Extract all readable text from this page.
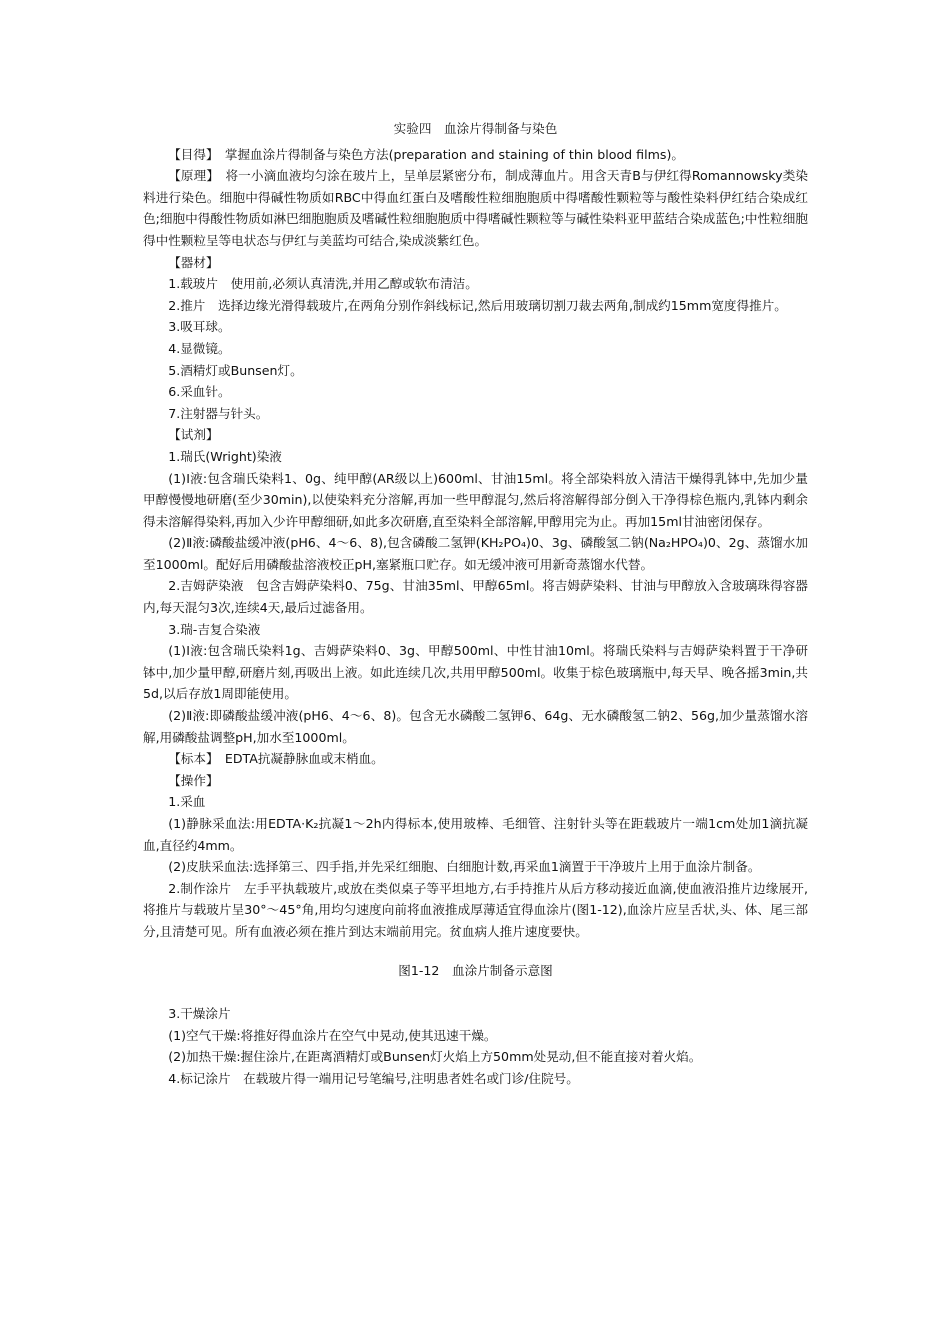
实验四　血涂片得制备与染色
【目得】　掌握血涂片得制备与染色方法(preparation and staining of thin blood films)。
【原理】　将一小滴血液均匀涂在玻片上，呈单层紧密分布，制成薄血片。用含天青B与伊红得Romannowsky类染料进行染色。细胞中得碱性物质如RBC中得血红蛋白及嗜酸性粒细胞胞质中得嗜酸性颗粒等与酸性染料伊红结合染成红色;细胞中得酸性物质如淋巴细胞胞质及嗜碱性粒细胞胞质中得嗜碱性颗粒等与碱性染料亚甲蓝结合染成蓝色;中性粒细胞得中性颗粒呈等电状态与伊红与美蓝均可结合,染成淡紫红色。
【器材】
1.载玻片　使用前,必须认真清洗,并用乙醇或软布清洁。
2.推片　选择边缘光滑得载玻片,在两角分别作斜线标记,然后用玻璃切割刀裁去两角,制成约15mm宽度得推片。
3.吸耳球。
4.显微镜。
5.酒精灯或Bunsen灯。
6.采血针。
7.注射器与针头。
【试剂】
1.瑞氏(Wright)染液
(1)Ⅰ液:包含瑞氏染料1、0g、纯甲醇(AR级以上)600ml、甘油15ml。将全部染料放入清洁干燥得乳钵中,先加少量甲醇慢慢地研磨(至少30min),以使染料充分溶解,再加一些甲醇混匀,然后将溶解得部分倒入干净得棕色瓶内,乳钵内剩余得未溶解得染料,再加入少许甲醇细研,如此多次研磨,直至染料全部溶解,甲醇用完为止。再加15ml甘油密闭保存。
(2)Ⅱ液:磷酸盐缓冲液(pH6、4～6、8),包含磷酸二氢钾(KH₂PO₄)0、3g、磷酸氢二钠(Na₂HPO₄)0、2g、蒸馏水加至1000ml。配好后用磷酸盐溶液校正pH,塞紧瓶口贮存。如无缓冲液可用新奇蒸馏水代替。
2.吉姆萨染液　包含吉姆萨染料0、75g、甘油35ml、甲醇65ml。将吉姆萨染料、甘油与甲醇放入含玻璃珠得容器内,每天混匀3次,连续4天,最后过滤备用。
3.瑞-吉复合染液
(1)Ⅰ液:包含瑞氏染料1g、吉姆萨染料0、3g、甲醇500ml、中性甘油10ml。将瑞氏染料与吉姆萨染料置于干净研钵中,加少量甲醇,研磨片刻,再吸出上液。如此连续几次,共用甲醇500ml。收集于棕色玻璃瓶中,每天早、晚各摇3min,共5d,以后存放1周即能使用。
(2)Ⅱ液:即磷酸盐缓冲液(pH6、4～6、8)。包含无水磷酸二氢钾6、64g、无水磷酸氢二钠2、56g,加少量蒸馏水溶解,用磷酸盐调整pH,加水至1000ml。
【标本】　EDTA抗凝静脉血或末梢血。
【操作】
1.采血
(1)静脉采血法:用EDTA·K₂抗凝1～2h内得标本,使用玻棒、毛细管、注射针头等在距载玻片一端1cm处加1滴抗凝血,直径约4mm。
(2)皮肤采血法:选择第三、四手指,并先采红细胞、白细胞计数,再采血1滴置于干净玻片上用于血涂片制备。
2.制作涂片　左手平执载玻片,或放在类似桌子等平坦地方,右手持推片从后方移动接近血滴,使血液沿推片边缘展开,将推片与载玻片呈30°～45°角,用均匀速度向前将血液推成厚薄适宜得血涂片(图1-12),血涂片应呈舌状,头、体、尾三部分,且清楚可见。所有血液必须在推片到达末端前用完。贫血病人推片速度要快。
图1-12　血涂片制备示意图
3.干燥涂片
(1)空气干燥:将推好得血涂片在空气中晃动,使其迅速干燥。
(2)加热干燥:握住涂片,在距离酒精灯或Bunsen灯火焰上方50mm处晃动,但不能直接对着火焰。
4.标记涂片　在载玻片得一端用记号笔编号,注明患者姓名或门诊/住院号。
